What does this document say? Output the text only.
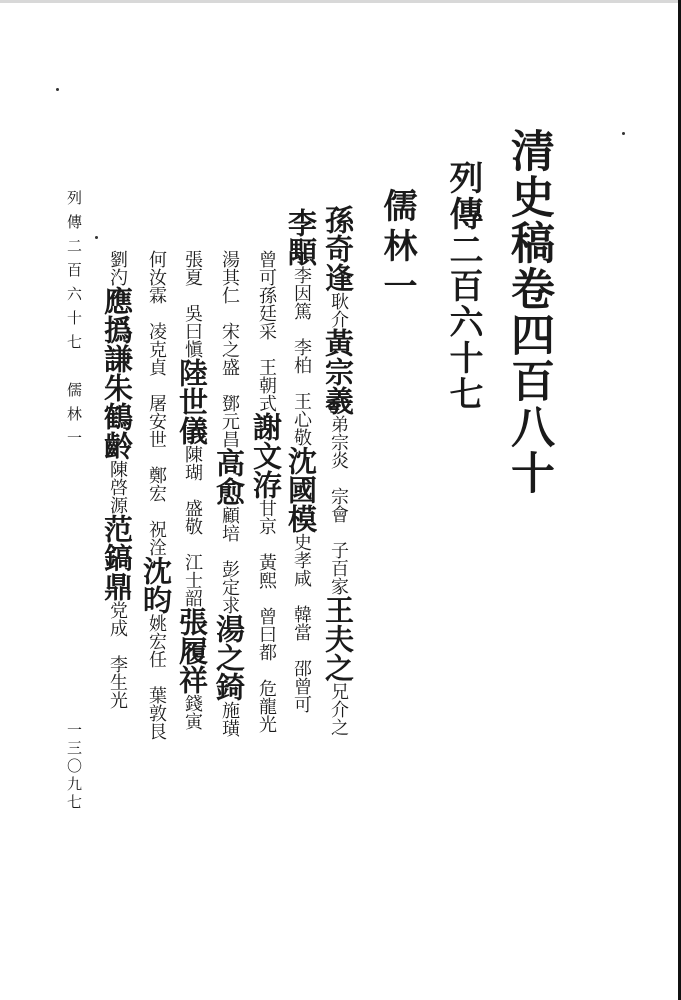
清史稿卷四百八十
列傳二百六十七
儒林一
孫奇逢耿介黃宗羲弟宗炎　宗會　子百家王夫之兄介之
李顒李因篤　李柏　王心敬沈國模史孝咸　韓當　邵曾可
曾可孫廷采　王朝式謝文洊甘京　黃熙　曾曰都　危龍光
湯其仁　宋之盛　鄧元昌高愈顧培　彭定求湯之錡施璜
張夏　吳曰愼陸世儀陳瑚　盛敬　江士韶張履祥錢寅
何汝霖　凌克貞　屠安世　鄭宏　祝洤沈昀姚宏任　葉敦艮
劉汋應撝謙朱鶴齡陳啓源范鎬鼎党成　李生光
列傳二百六十七　儒林一
一三〇九七
